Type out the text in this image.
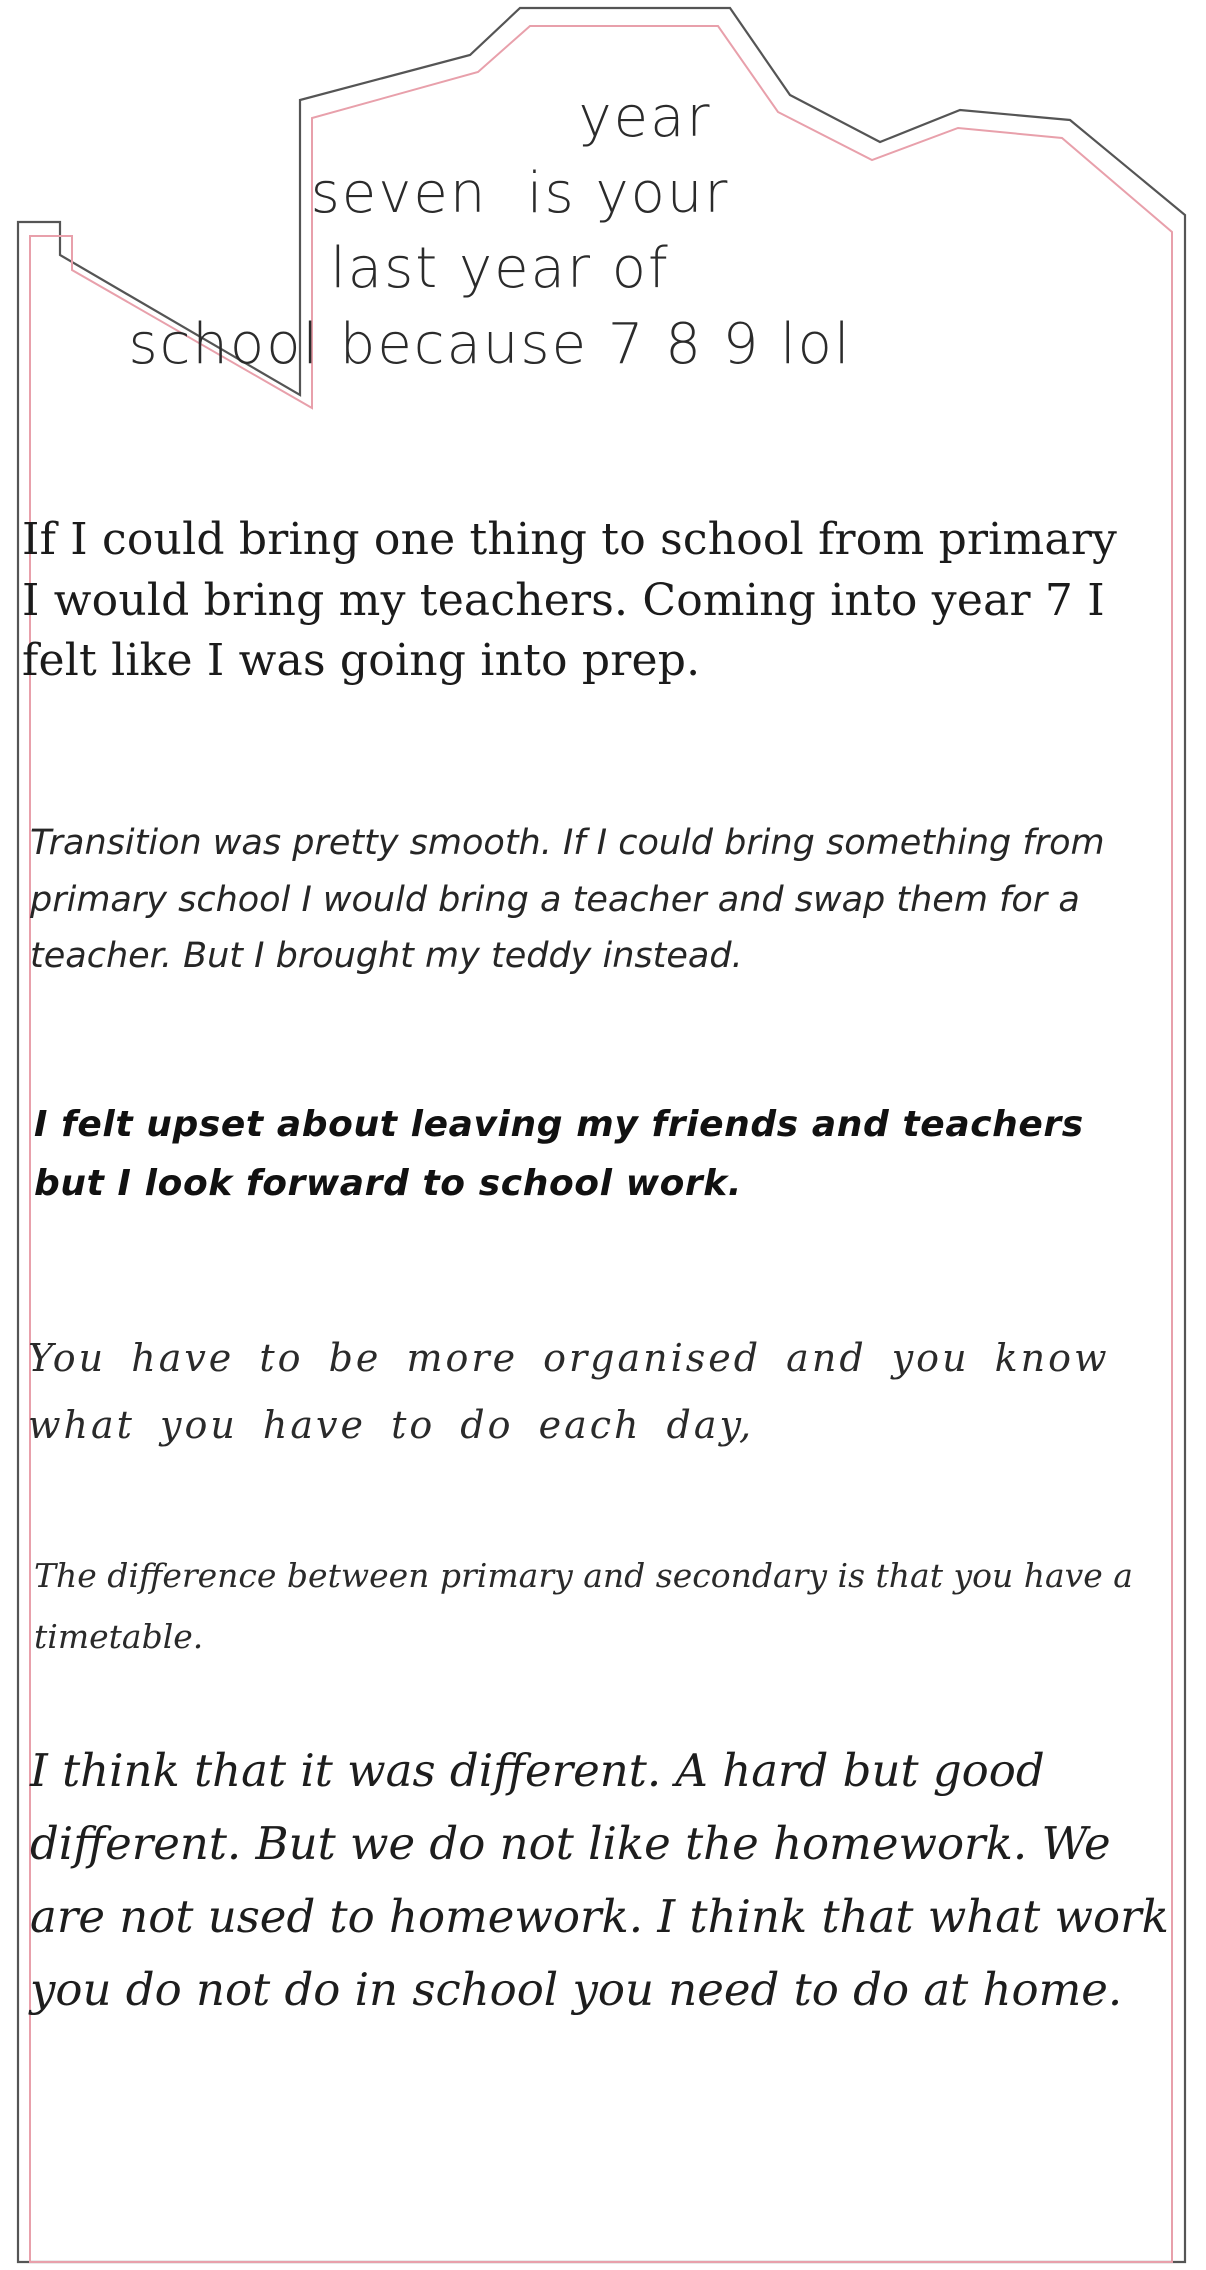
year
seven  is your
last year of
school because 7 8 9 lol
If I could bring one thing to school from primary I would bring my teachers. Coming into year 7 I felt like I was going into prep.
Transition was pretty smooth. If I could bring something from primary school I would bring a teacher and swap them for a teacher. But I brought my teddy instead.
I felt upset about leaving my friends and teachers but I look forward to school work.
You have to be more organised and you know what you have to do each day,
The difference between primary and secondary is that you have a timetable.
I think that it was different. A hard but good different. But we do not like the homework. We are not used to homework. I think that what work you do not do in school you need to do at home.
